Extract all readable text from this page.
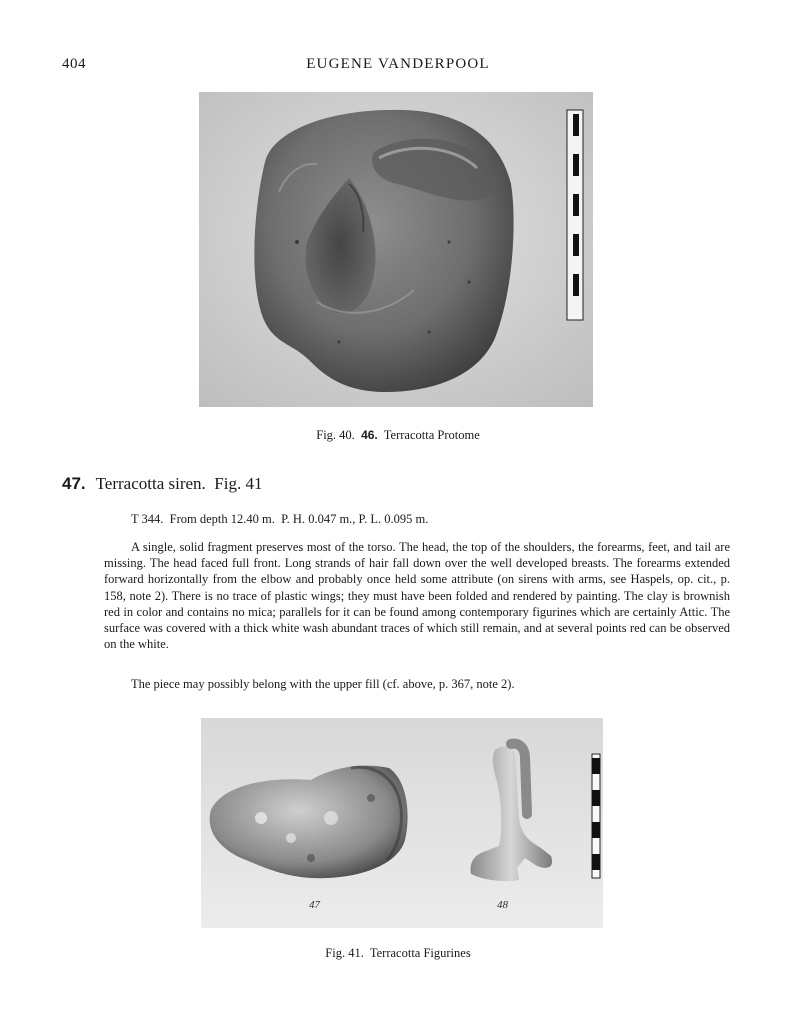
404	EUGENE VANDERPOOL
Fig. 40. 46. Terracotta Protome
47. Terracotta siren.  Fig. 41
T 344.  From depth 12.40 m.  P. H. 0.047 m., P. L. 0.095 m.

A single, solid fragment preserves most of the torso. The head, the top of the shoulders, the forearms, feet, and tail are missing. The head faced full front. Long strands of hair fall down over the well developed breasts. The forearms extended forward horizontally from the elbow and probably once held some attribute (on sirens with arms, see Haspels, op. cit., p. 158, note 2). There is no trace of plastic wings; they must have been folded and rendered by painting. The clay is brownish red in color and contains no mica; parallels for it can be found among contemporary figurines which are certainly Attic. The surface was covered with a thick white wash abundant traces of which still remain, and at several points red can be observed on the white.

The piece may possibly belong with the upper fill (cf. above, p. 367, note 2).

47	48
Fig. 41.  Terracotta Figurines
